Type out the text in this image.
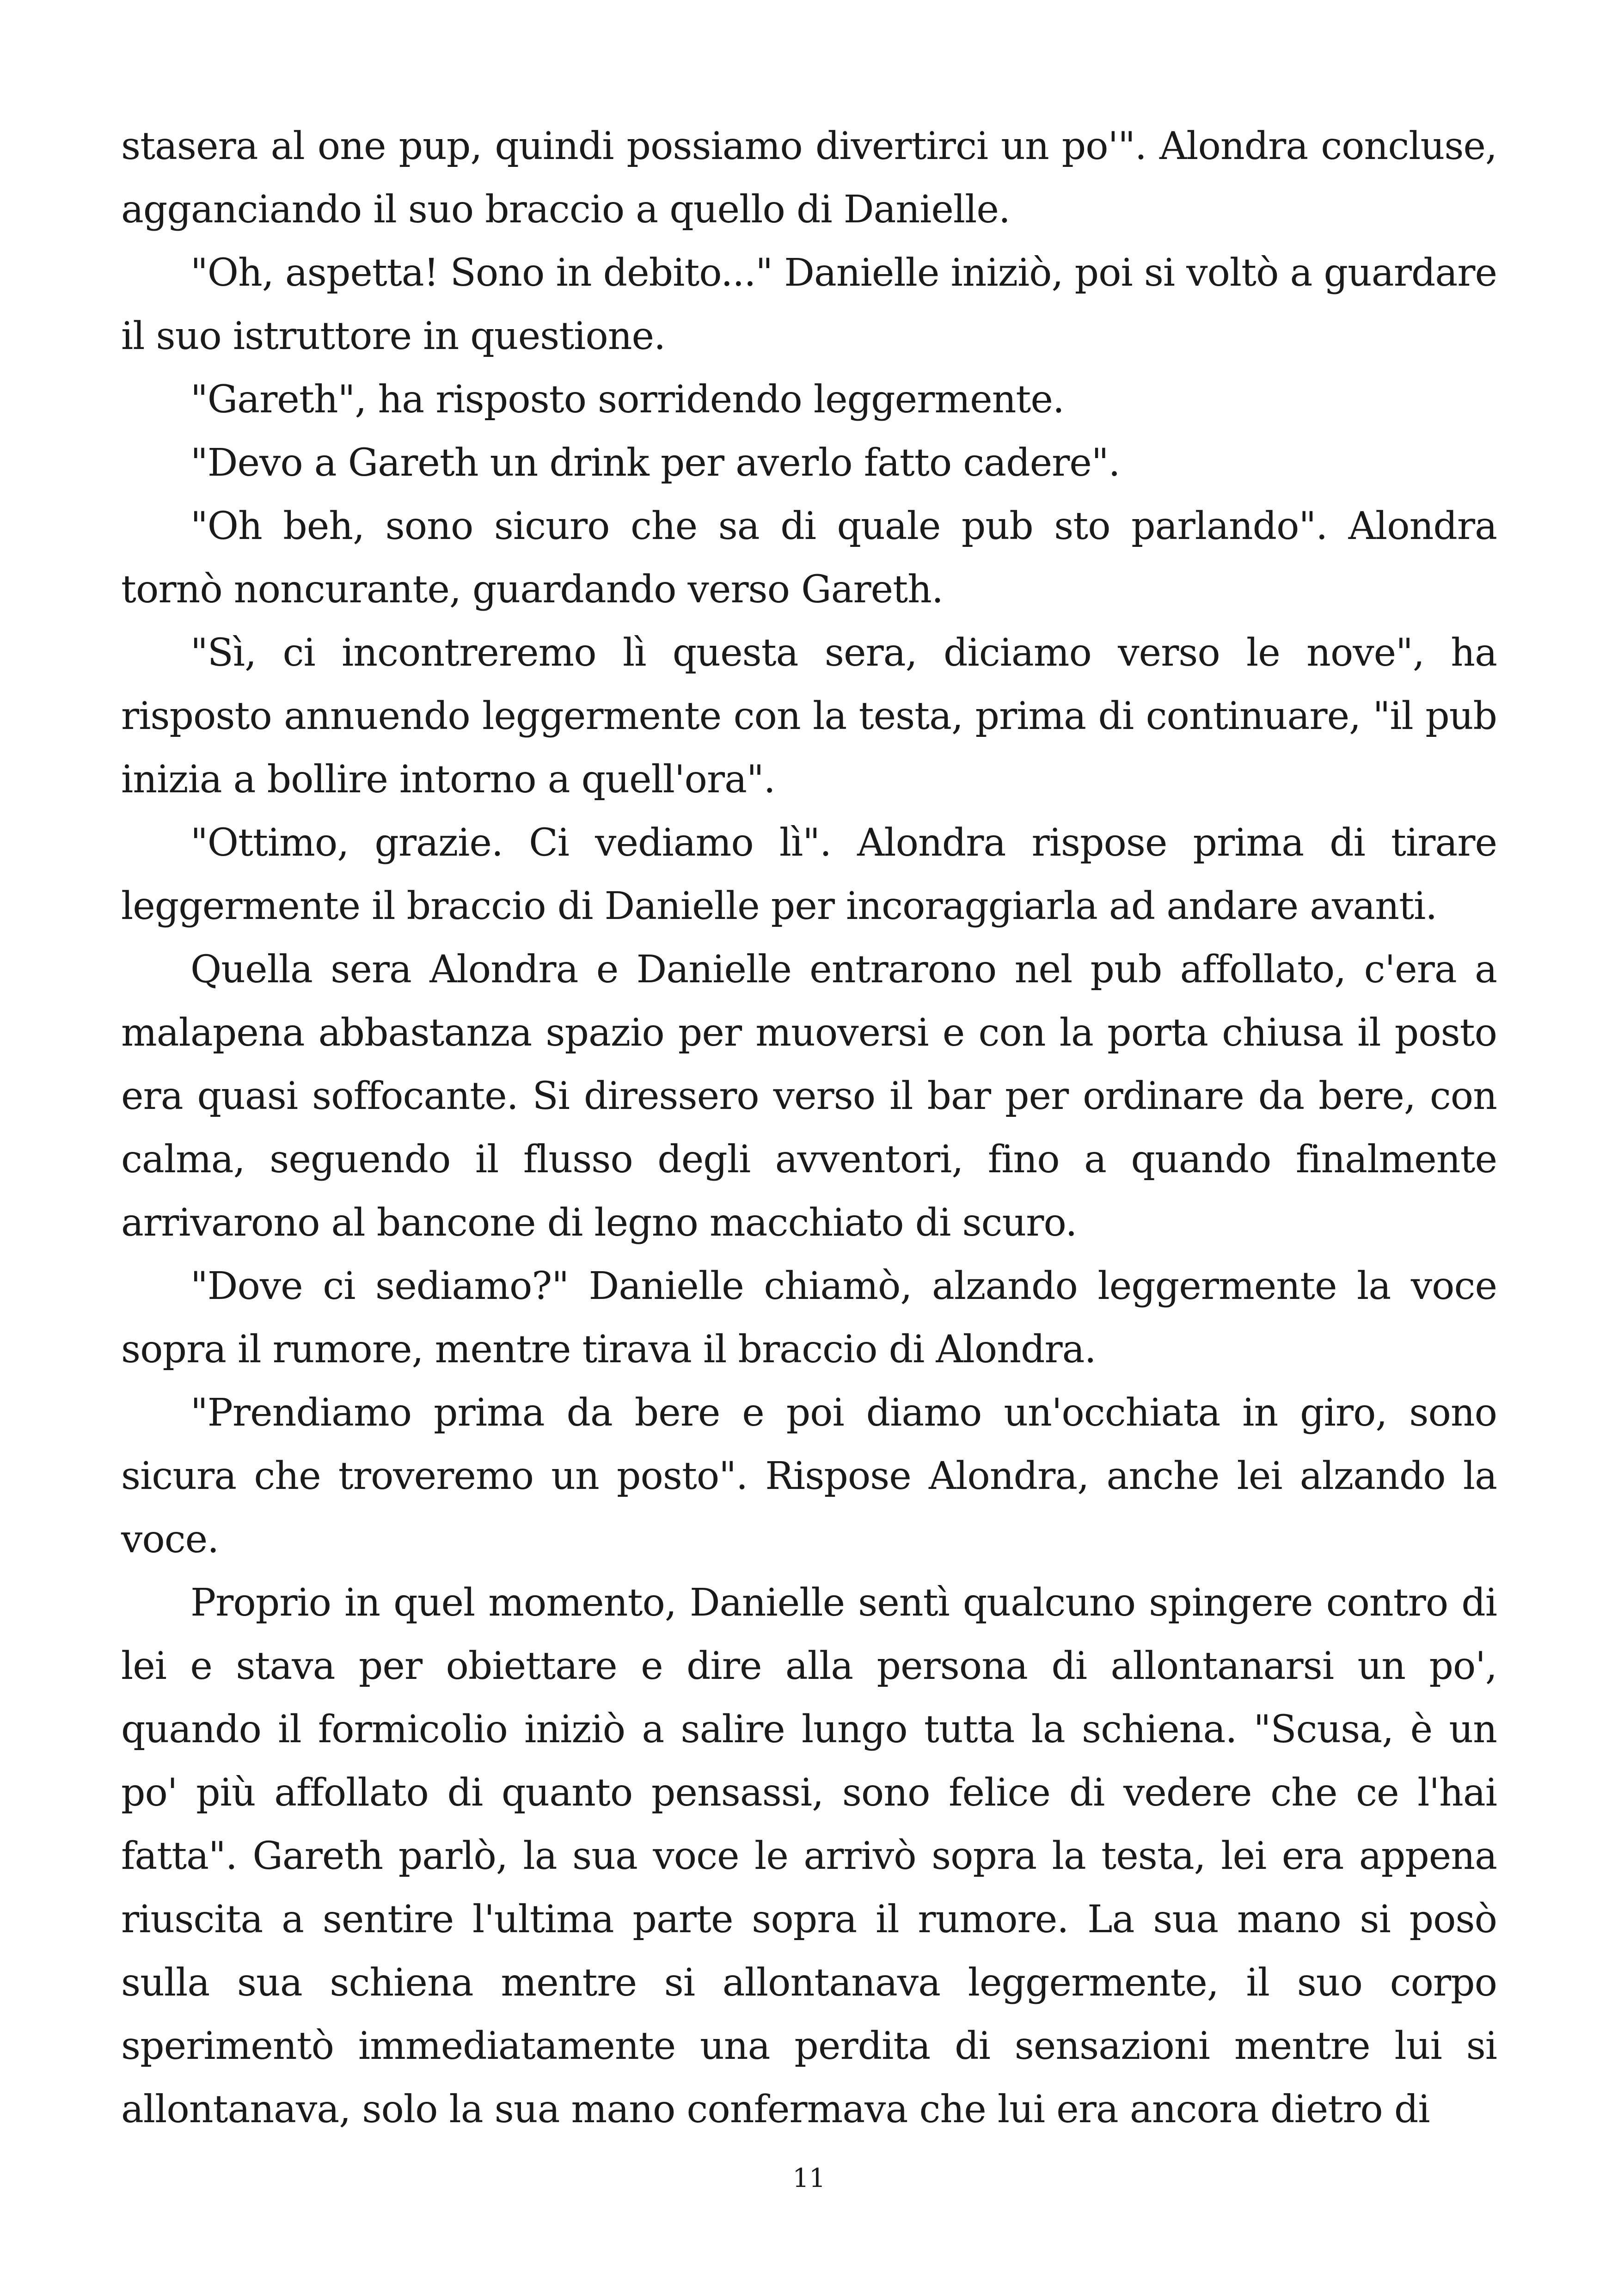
stasera al one pup, quindi possiamo divertirci un po'". Alondra concluse, agganciando il suo braccio a quello di Danielle.

"Oh, aspetta! Sono in debito..." Danielle iniziò, poi si voltò a guardare il suo istruttore in questione.

"Gareth", ha risposto sorridendo leggermente.

"Devo a Gareth un drink per averlo fatto cadere".

"Oh beh, sono sicuro che sa di quale pub sto parlando". Alondra tornò noncurante, guardando verso Gareth.

"Sì, ci incontreremo lì questa sera, diciamo verso le nove", ha risposto annuendo leggermente con la testa, prima di continuare, "il pub inizia a bollire intorno a quell'ora".

"Ottimo, grazie. Ci vediamo lì". Alondra rispose prima di tirare leggermente il braccio di Danielle per incoraggiarla ad andare avanti.

Quella sera Alondra e Danielle entrarono nel pub affollato, c'era a malapena abbastanza spazio per muoversi e con la porta chiusa il posto era quasi soffocante. Si diressero verso il bar per ordinare da bere, con calma, seguendo il flusso degli avventori, fino a quando finalmente arrivarono al bancone di legno macchiato di scuro.

"Dove ci sediamo?" Danielle chiamò, alzando leggermente la voce sopra il rumore, mentre tirava il braccio di Alondra.

"Prendiamo prima da bere e poi diamo un'occhiata in giro, sono sicura che troveremo un posto". Rispose Alondra, anche lei alzando la voce.

Proprio in quel momento, Danielle sentì qualcuno spingere contro di lei e stava per obiettare e dire alla persona di allontanarsi un po', quando il formicolio iniziò a salire lungo tutta la schiena. "Scusa, è un po' più affollato di quanto pensassi, sono felice di vedere che ce l'hai fatta". Gareth parlò, la sua voce le arrivò sopra la testa, lei era appena riuscita a sentire l'ultima parte sopra il rumore. La sua mano si posò sulla sua schiena mentre si allontanava leggermente, il suo corpo sperimentò immediatamente una perdita di sensazioni mentre lui si allontanava, solo la sua mano confermava che lui era ancora dietro di

11
